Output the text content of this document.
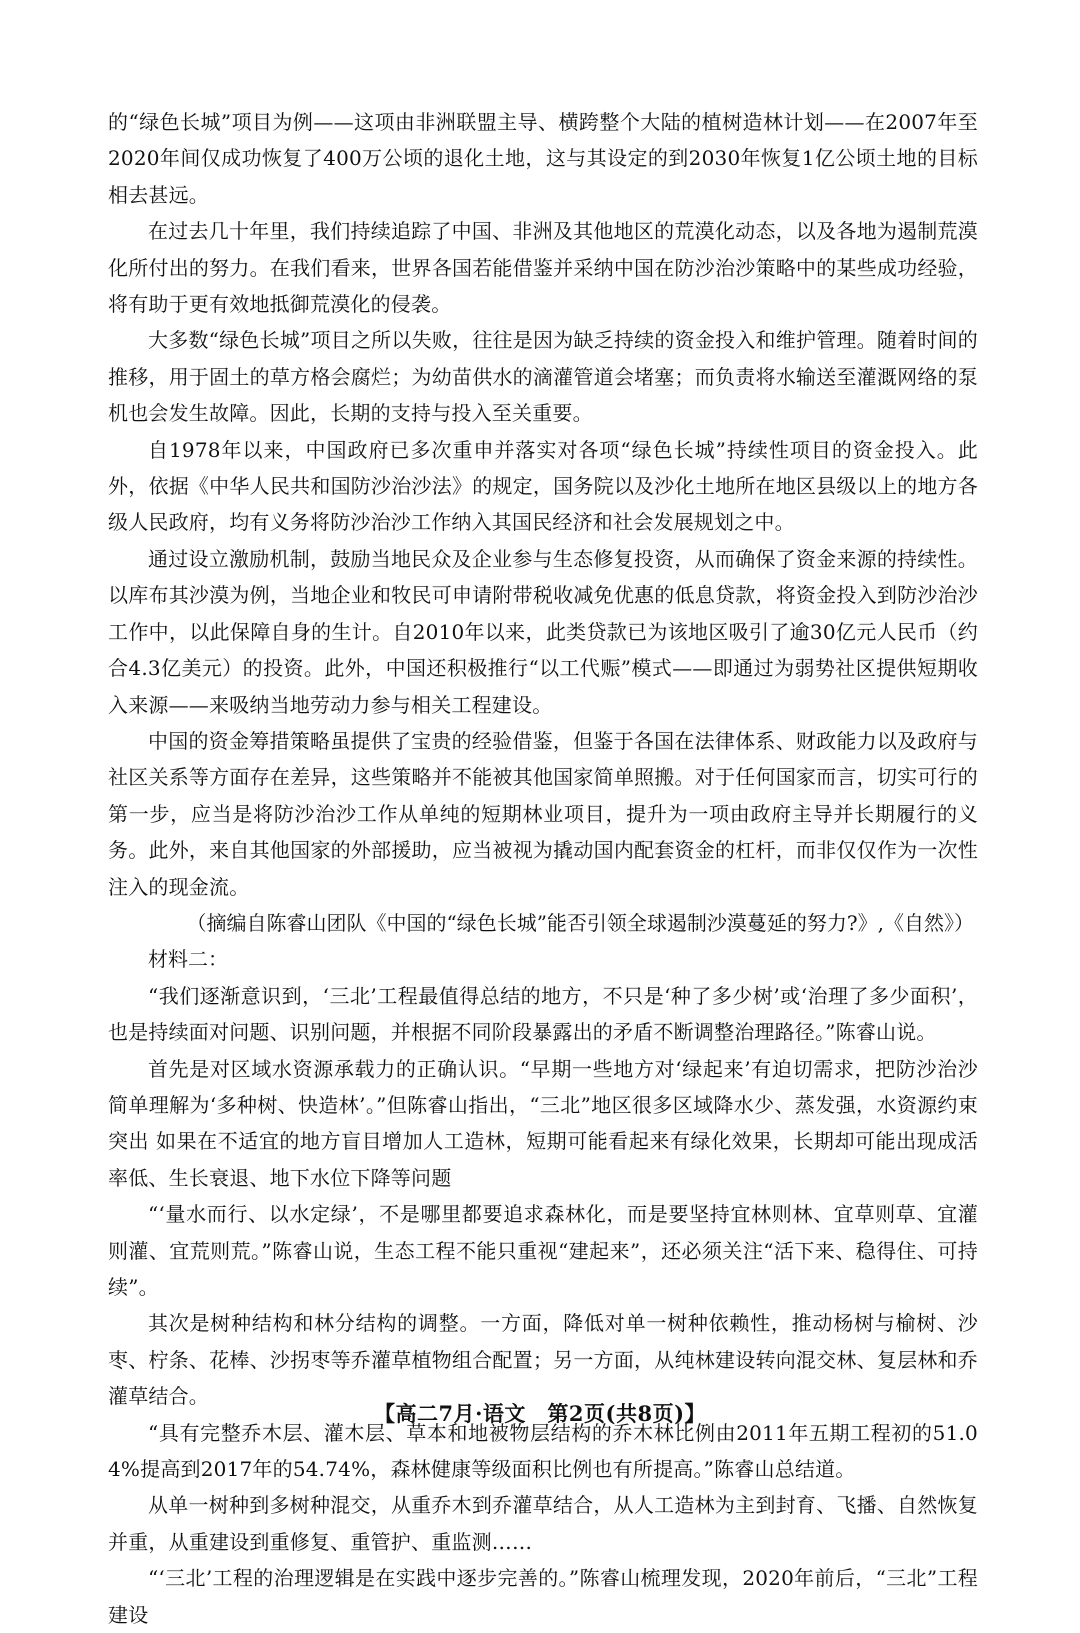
的“绿色长城”项目为例——这项由非洲联盟主导、横跨整个大陆的植树造林计划——在2007年至2020年间仅成功恢复了400万公顷的退化土地，这与其设定的到2030年恢复1亿公顷土地的目标相去甚远。

在过去几十年里，我们持续追踪了中国、非洲及其他地区的荒漠化动态，以及各地为遏制荒漠化所付出的努力。在我们看来，世界各国若能借鉴并采纳中国在防沙治沙策略中的某些成功经验，将有助于更有效地抵御荒漠化的侵袭。

大多数“绿色长城”项目之所以失败，往往是因为缺乏持续的资金投入和维护管理。随着时间的推移，用于固土的草方格会腐烂；为幼苗供水的滴灌管道会堵塞；而负责将水输送至灌溉网络的泵机也会发生故障。因此，长期的支持与投入至关重要。

自1978年以来，中国政府已多次重申并落实对各项“绿色长城”持续性项目的资金投入。此外，依据《中华人民共和国防沙治沙法》的规定，国务院以及沙化土地所在地区县级以上的地方各级人民政府，均有义务将防沙治沙工作纳入其国民经济和社会发展规划之中。

通过设立激励机制，鼓励当地民众及企业参与生态修复投资，从而确保了资金来源的持续性。以库布其沙漠为例，当地企业和牧民可申请附带税收减免优惠的低息贷款，将资金投入到防沙治沙工作中，以此保障自身的生计。自2010年以来，此类贷款已为该地区吸引了逾30亿元人民币（约合4.3亿美元）的投资。此外，中国还积极推行“以工代赈”模式——即通过为弱势社区提供短期收入来源——来吸纳当地劳动力参与相关工程建设。

中国的资金筹措策略虽提供了宝贵的经验借鉴，但鉴于各国在法律体系、财政能力以及政府与社区关系等方面存在差异，这些策略并不能被其他国家简单照搬。对于任何国家而言，切实可行的第一步，应当是将防沙治沙工作从单纯的短期林业项目，提升为一项由政府主导并长期履行的义务。此外，来自其他国家的外部援助，应当被视为撬动国内配套资金的杠杆，而非仅仅作为一次性注入的现金流。

（摘编自陈睿山团队《中国的“绿色长城”能否引领全球遏制沙漠蔓延的努力?》,《自然》）

材料二：

“我们逐渐意识到，‘三北’工程最值得总结的地方，不只是‘种了多少树’或‘治理了多少面积’，也是持续面对问题、识别问题，并根据不同阶段暴露出的矛盾不断调整治理路径。”陈睿山说。

首先是对区域水资源承载力的正确认识。“早期一些地方对‘绿起来’有迫切需求，把防沙治沙简单理解为‘多种树、快造林’。”但陈睿山指出，“三北”地区很多区域降水少、蒸发强，水资源约束突出 如果在不适宜的地方盲目增加人工造林，短期可能看起来有绿化效果，长期却可能出现成活率低、生长衰退、地下水位下降等问题

“‘量水而行、以水定绿’，不是哪里都要追求森林化，而是要坚持宜林则林、宜草则草、宜灌则灌、宜荒则荒。”陈睿山说，生态工程不能只重视“建起来”，还必须关注“活下来、稳得住、可持续”。

其次是树种结构和林分结构的调整。一方面，降低对单一树种依赖性，推动杨树与榆树、沙枣、柠条、花棒、沙拐枣等乔灌草植物组合配置；另一方面，从纯林建设转向混交林、复层林和乔灌草结合。

“具有完整乔木层、灌木层、草本和地被物层结构的乔木林比例由2011年五期工程初的51.04%提高到2017年的54.74%，森林健康等级面积比例也有所提高。”陈睿山总结道。

从单一树种到多树种混交，从重乔木到乔灌草结合，从人工造林为主到封育、飞播、自然恢复并重，从重建设到重修复、重管护、重监测……

“‘三北’工程的治理逻辑是在实践中逐步完善的。”陈睿山梳理发现，2020年前后，“三北”工程建设

【高二7月·语文　第2页(共8页)】
